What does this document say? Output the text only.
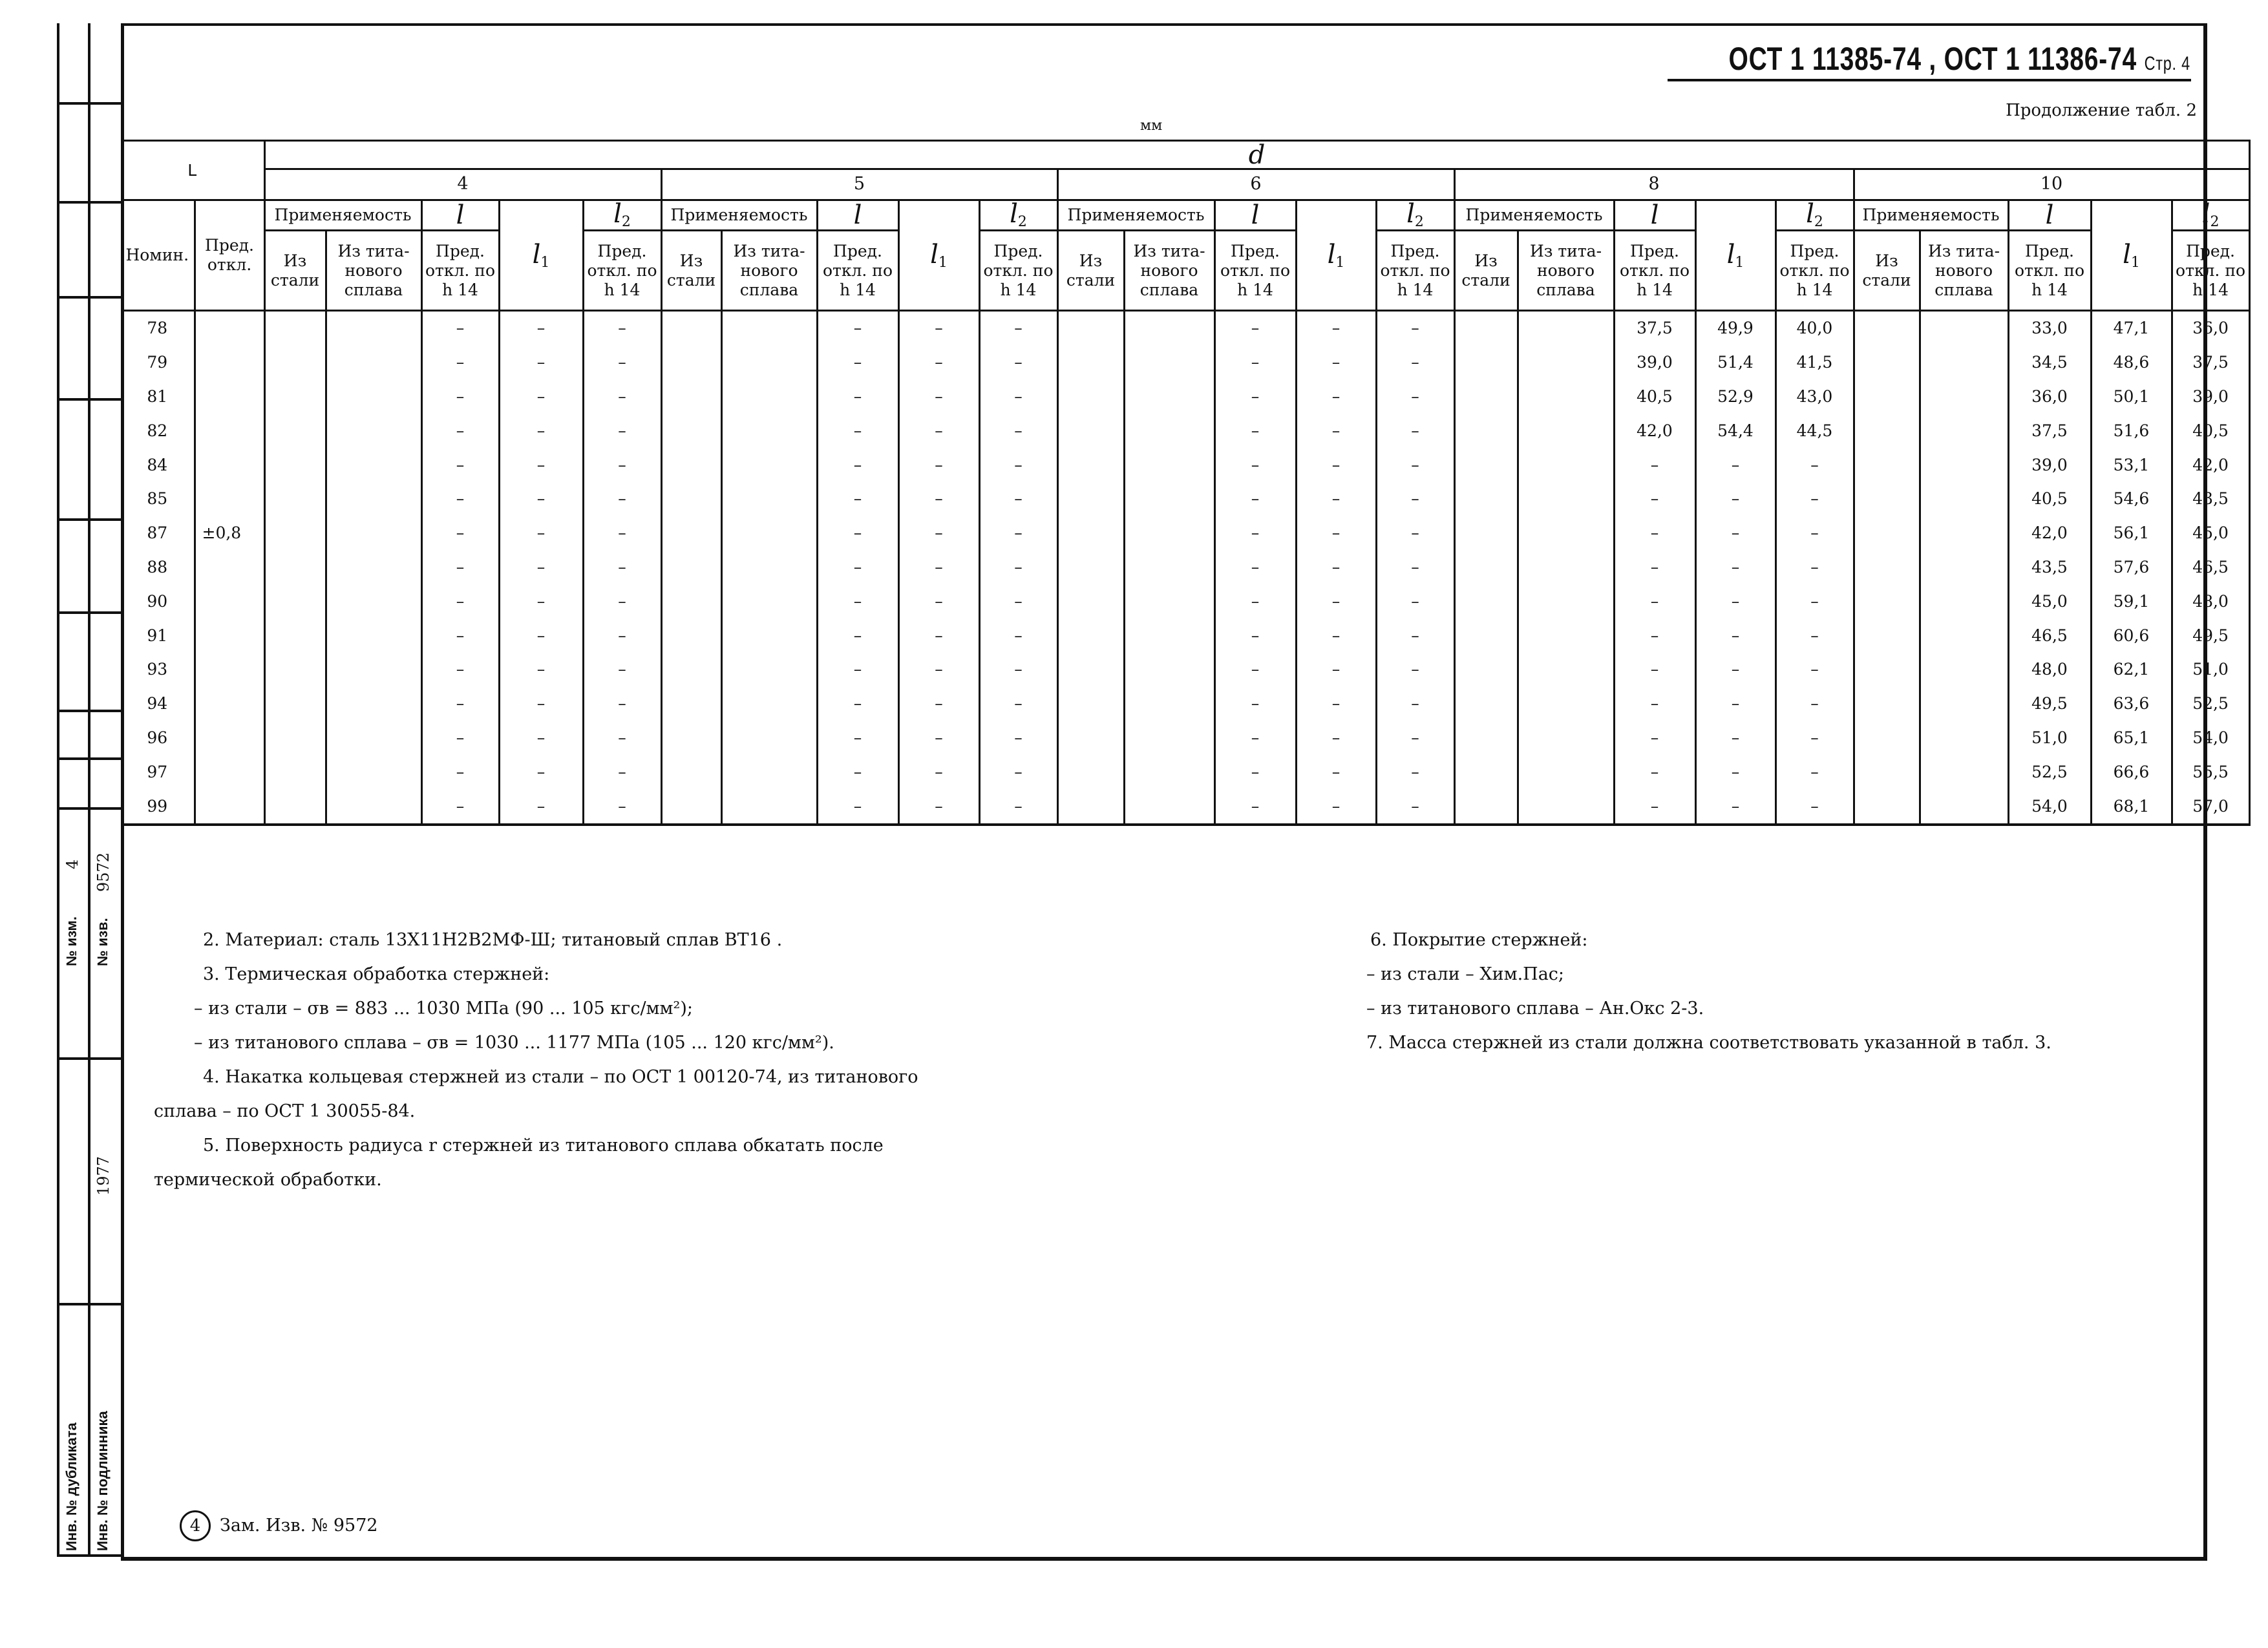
9572
4
№ изм. № изв.
1977
Инв. № дубликата Инв. № подлинника
ОСТ 1 11385-74 , ОСТ 1 11386-74 Стр. 4
Продолжение табл. 2
мм
L		d																								
		4					5					6					8					10				
Номин.	Пред. откл.	Применяемость		l	$l_1$	$l_2$	Применяемость		l	$l_1$	$l_2$	Применяемость		l	$l_1$	$l_2$	Применяемость		l	$l_1$	$l_2$	Применяемость		l	$l_1$	$l_2$
		Из стали	Из тита-нового сплава	Пред. откл. по h 14		Пред. откл. по h 14	Из стали	Из тита-нового сплава	Пред. откл. по h 14		Пред. откл. по h 14	Из стали	Из тита-нового сплава	Пред. откл. по h 14		Пред. откл. по h 14	Из стали	Из тита-нового сплава	Пред. откл. по h 14		Пред. откл. по h 14	Из стали	Из тита-нового сплава	Пред. откл. по h 14		Пред. откл. по h 14
78				–	–	–			–	–	–			–	–	–			37,5	49,9	40,0			33,0	47,1	36,0
79				–	–	–			–	–	–			–	–	–			39,0	51,4	41,5			34,5	48,6	37,5
81				–	–	–			–	–	–			–	–	–			40,5	52,9	43,0			36,0	50,1	39,0
82				–	–	–			–	–	–			–	–	–			42,0	54,4	44,5			37,5	51,6	40,5
84				–	–	–			–	–	–			–	–	–			–	–	–			39,0	53,1	42,0
85				–	–	–			–	–	–			–	–	–			–	–	–			40,5	54,6	43,5
87	±0,8			–	–	–			–	–	–			–	–	–			–	–	–			42,0	56,1	45,0
88				–	–	–			–	–	–			–	–	–			–	–	–			43,5	57,6	46,5
90				–	–	–			–	–	–			–	–	–			–	–	–			45,0	59,1	48,0
91				–	–	–			–	–	–			–	–	–			–	–	–			46,5	60,6	49,5
93				–	–	–			–	–	–			–	–	–			–	–	–			48,0	62,1	51,0
94				–	–	–			–	–	–			–	–	–			–	–	–			49,5	63,6	52,5
96				–	–	–			–	–	–			–	–	–			–	–	–			51,0	65,1	54,0
97				–	–	–			–	–	–			–	–	–			–	–	–			52,5	66,6	55,5
99				–	–	–			–	–	–			–	–	–			–	–	–			54,0	68,1	57,0

2. Материал: сталь 13Х11Н2В2МФ-Ш; титановый сплав ВТ16 .

3. Термическая обработка стержней:

– из стали – σв = 883 ... 1030 МПа (90 ... 105 кгс/мм²);

– из титанового сплава – σв = 1030 ... 1177 МПа (105 ... 120 кгс/мм²).

4. Накатка кольцевая стержней из стали – по ОСТ 1 00120-74, из титанового

сплава – по ОСТ 1 30055-84.

5. Поверхность радиуса r стержней из титанового сплава обкатать после

термической обработки.

6. Покрытие стержней:

– из стали – Хим.Пас;

– из титанового сплава – Ан.Окс 2-3.

7. Масса стержней из стали должна соответствовать указанной в табл. 3.

4 Зам. Изв. № 9572
